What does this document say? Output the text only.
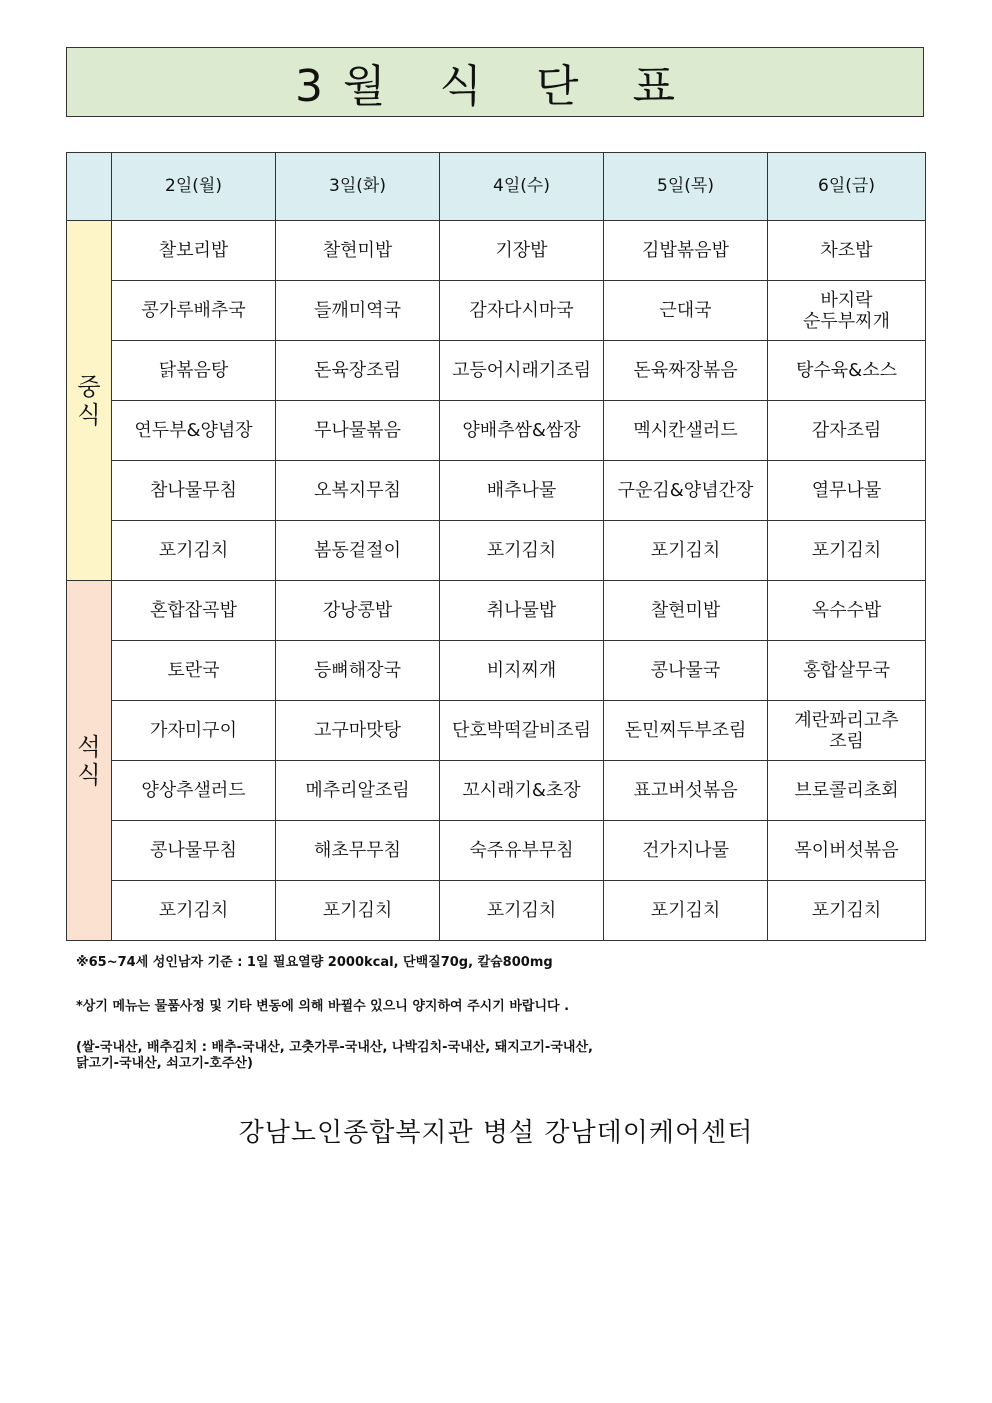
3월 식 단 표
	2일(월)	3일(화)	4일(수)	5일(목)	6일(금)
중식	찰보리밥	찰현미밥	기장밥	김밥볶음밥	차조밥
	콩가루배추국	들깨미역국	감자다시마국	근대국	바지락
순두부찌개
	닭볶음탕	돈육장조림	고등어시래기조림	돈육짜장볶음	탕수육&소스
	연두부&양념장	무나물볶음	양배추쌈&쌈장	멕시칸샐러드	감자조림
	참나물무침	오복지무침	배추나물	구운김&양념간장	열무나물
	포기김치	봄동겉절이	포기김치	포기김치	포기김치
석식	혼합잡곡밥	강낭콩밥	취나물밥	찰현미밥	옥수수밥
	토란국	등뼈해장국	비지찌개	콩나물국	홍합살무국
	가자미구이	고구마맛탕	단호박떡갈비조림	돈민찌두부조림	계란꽈리고추
조림
	양상추샐러드	메추리알조림	꼬시래기&초장	표고버섯볶음	브로콜리초회
	콩나물무침	해초무무침	숙주유부무침	건가지나물	목이버섯볶음
	포기김치	포기김치	포기김치	포기김치	포기김치
※65~74세 성인남자 기준 : 1일 필요열량 2000kcal, 단백질70g, 칼슘800mg
*상기 메뉴는 물품사정 및 기타 변동에 의해 바뀔수 있으니 양지하여 주시기 바랍니다 .
(쌀-국내산, 배추김치 : 배추-국내산, 고춧가루-국내산, 나박김치-국내산, 돼지고기-국내산,
닭고기-국내산, 쇠고기-호주산)
강남노인종합복지관 병설 강남데이케어센터
